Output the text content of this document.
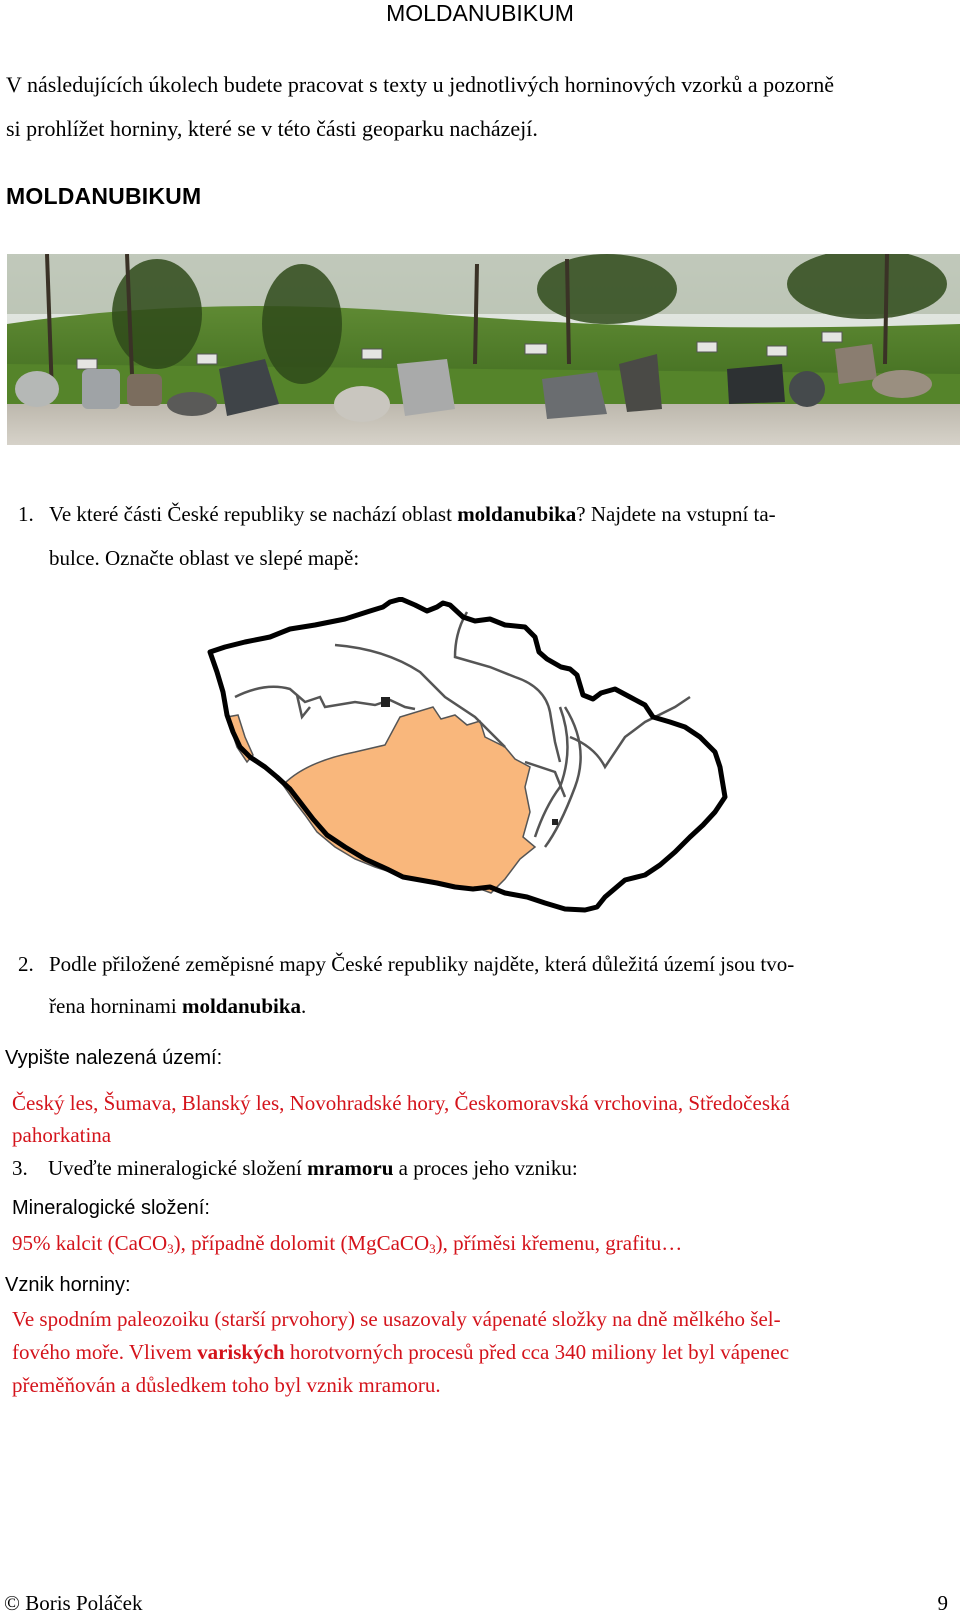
MOLDANUBIKUM
V následujících úkolech budete pracovat s texty u jednotlivých horninových vzorků a pozorně
si prohlížet horniny, které se v této části geoparku nacházejí.
MOLDANUBIKUM
1. Ve které části České republiky se nachází oblast moldanubika? Najdete na vstupní ta-
bulce. Označte oblast ve slepé mapě:
2. Podle přiložené zeměpisné mapy České republiky najděte, která důležitá území jsou tvo-
řena horninami moldanubika.
Vypište nalezená území:
Český les, Šumava, Blanský les, Novohradské hory, Českomoravská vrchovina, Středočeská
pahorkatina
3. Uveďte mineralogické složení mramoru a proces jeho vzniku:
Mineralogické složení:
95% kalcit (CaCO$_3$), případně dolomit (MgCaCO$_3$), příměsi křemenu, grafitu…
Vznik horniny:
Ve spodním paleozoiku (starší prvohory) se usazovaly vápenaté složky na dně mělkého šel-
fového moře. Vlivem variských horotvorných procesů před cca 340 miliony let byl vápenec
přeměňován a důsledkem toho byl vznik mramoru.
© Boris Poláček	9
